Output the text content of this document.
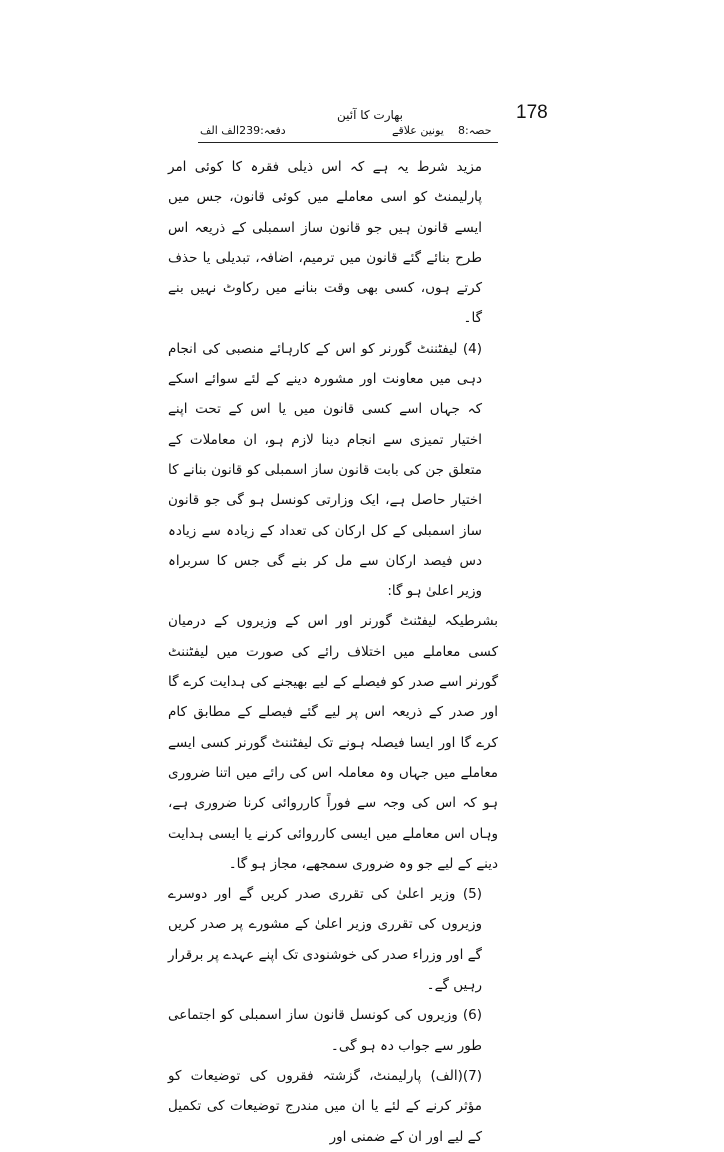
178
بھارت کا آئین
حصہ:8
یونین علاقے
دفعہ:239الف الف

مزید شرط یہ ہے کہ اس ذیلی فقرہ کا کوئی امر پارلیمنٹ کو اسی معاملے میں کوئی قانون، جس میں ایسے قانون ہیں جو قانون ساز اسمبلی کے ذریعہ اس طرح بنائے گئے قانون میں ترمیم، اضافہ، تبدیلی یا حذف کرتے ہوں، کسی بھی وقت بنانے میں رکاوٹ نہیں بنے گا۔

(4) لیفٹننٹ گورنر کو اس کے کارہائے منصبی کی انجام دہی میں معاونت اور مشورہ دینے کے لئے سوائے اسکے کہ جہاں اسے کسی قانون میں یا اس کے تحت اپنے اختیار تمیزی سے انجام دینا لازم ہو، ان معاملات کے متعلق جن کی بابت قانون ساز اسمبلی کو قانون بنانے کا اختیار حاصل ہے، ایک وزارتی کونسل ہو گی جو قانون ساز اسمبلی کے کل ارکان کی تعداد کے زیادہ سے زیادہ دس فیصد ارکان سے مل کر بنے گی جس کا سربراہ وزیر اعلیٰ ہو گا:

بشرطیکہ لیفٹنٹ گورنر اور اس کے وزیروں کے درمیان کسی معاملے میں اختلاف رائے کی صورت میں لیفٹننٹ گورنر اسے صدر کو فیصلے کے لیے بھیجنے کی ہدایت کرے گا اور صدر کے ذریعہ اس پر لیے گئے فیصلے کے مطابق کام کرے گا اور ایسا فیصلہ ہونے تک لیفٹننٹ گورنر کسی ایسے معاملے میں جہاں وہ معاملہ اس کی رائے میں اتنا ضروری ہو کہ اس کی وجہ سے فوراً کارروائی کرنا ضروری ہے، وہاں اس معاملے میں ایسی کارروائی کرنے یا ایسی ہدایت دینے کے لیے جو وہ ضروری سمجھے، مجاز ہو گا۔

(5) وزیر اعلیٰ کی تقرری صدر کریں گے اور دوسرے وزیروں کی تقرری وزیر اعلیٰ کے مشورے پر صدر کریں گے اور وزراء صدر کی خوشنودی تک اپنے عہدے پر برقرار رہیں گے۔

(6) وزیروں کی کونسل قانون ساز اسمبلی کو اجتماعی طور سے جواب دہ ہو گی۔

(7)(الف) پارلیمنٹ، گزشتہ فقروں کی توضیعات کو مؤثر کرنے کے لئے یا ان میں مندرج توضیعات کی تکمیل کے لیے اور ان کے ضمنی اور
